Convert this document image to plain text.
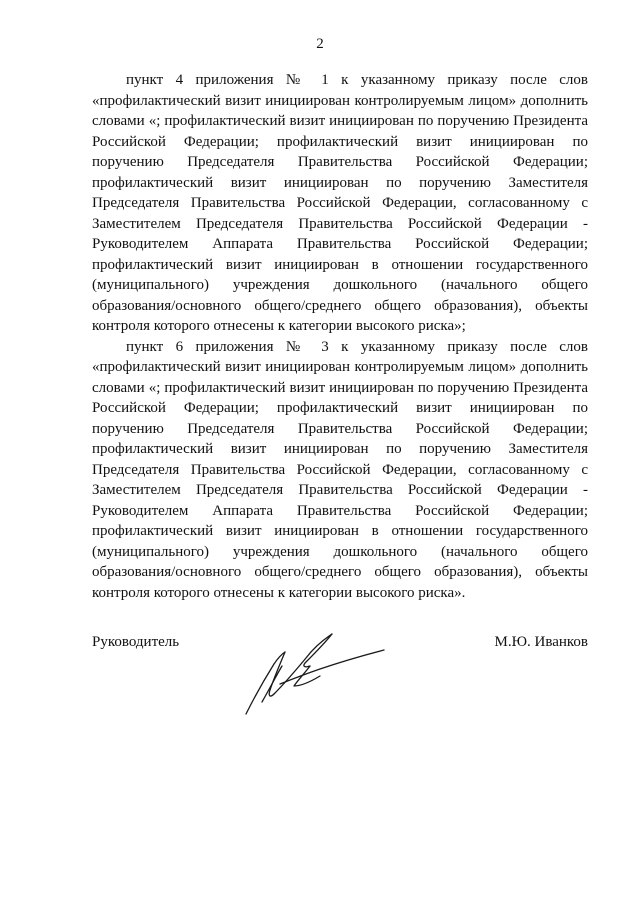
2

пункт 4 приложения № 1 к указанному приказу после слов «профилактический визит инициирован контролируемым лицом» дополнить словами «; профилактический визит инициирован по поручению Президента Российской Федерации; профилактический визит инициирован по поручению Председателя Правительства Российской Федерации; профилактический визит инициирован по поручению Заместителя Председателя Правительства Российской Федерации, согласованному с Заместителем Председателя Правительства Российской Федерации - Руководителем Аппарата Правительства Российской Федерации; профилактический визит инициирован в отношении государственного (муниципального) учреждения дошкольного (начального общего образования/основного общего/среднего общего образования), объекты контроля которого отнесены к категории высокого риска»;

пункт 6 приложения № 3 к указанному приказу после слов «профилактический визит инициирован контролируемым лицом» дополнить словами «; профилактический визит инициирован по поручению Президента Российской Федерации; профилактический визит инициирован по поручению Председателя Правительства Российской Федерации; профилактический визит инициирован по поручению Заместителя Председателя Правительства Российской Федерации, согласованному с Заместителем Председателя Правительства Российской Федерации - Руководителем Аппарата Правительства Российской Федерации; профилактический визит инициирован в отношении государственного (муниципального) учреждения дошкольного (начального общего образования/основного общего/среднего общего образования), объекты контроля которого отнесены к категории высокого риска».

Руководитель	М.Ю. Иванков
